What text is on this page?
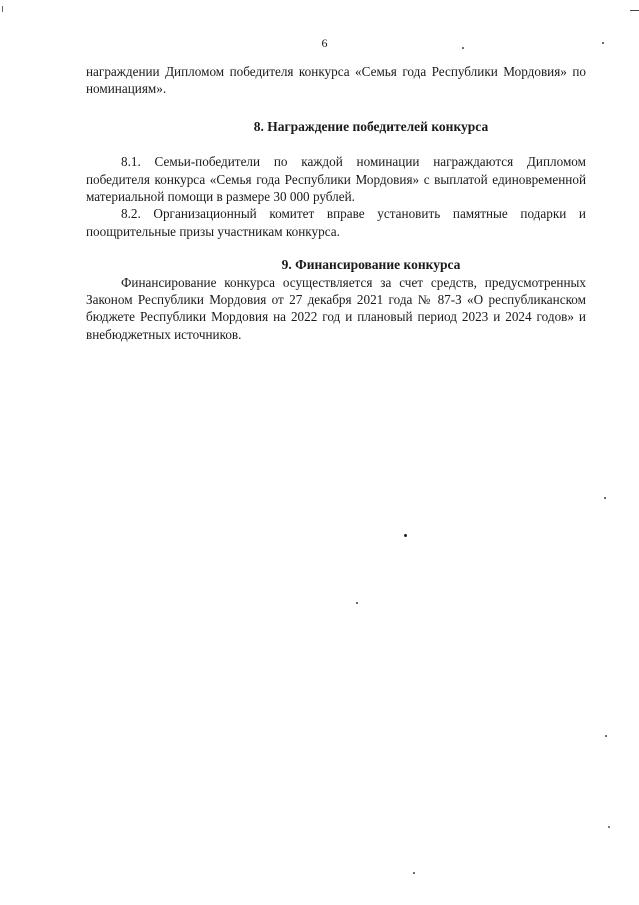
6

награждении Дипломом победителя конкурса «Семья года Республики Мордовия» по номинациям».

8. Награждение победителей конкурса

8.1. Семьи-победители по каждой номинации награждаются Дипломом победителя конкурса «Семья года Республики Мордовия» с выплатой единовременной материальной помощи в размере 30 000 рублей.

8.2. Организационный комитет вправе установить памятные подарки и поощрительные призы участникам конкурса.

9. Финансирование конкурса

Финансирование конкурса осуществляется за счет средств, предусмотренных Законом Республики Мордовия от 27 декабря 2021 года № 87-З «О республиканском бюджете Республики Мордовия на 2022 год и плановый период 2023 и 2024 годов» и внебюджетных источников.
